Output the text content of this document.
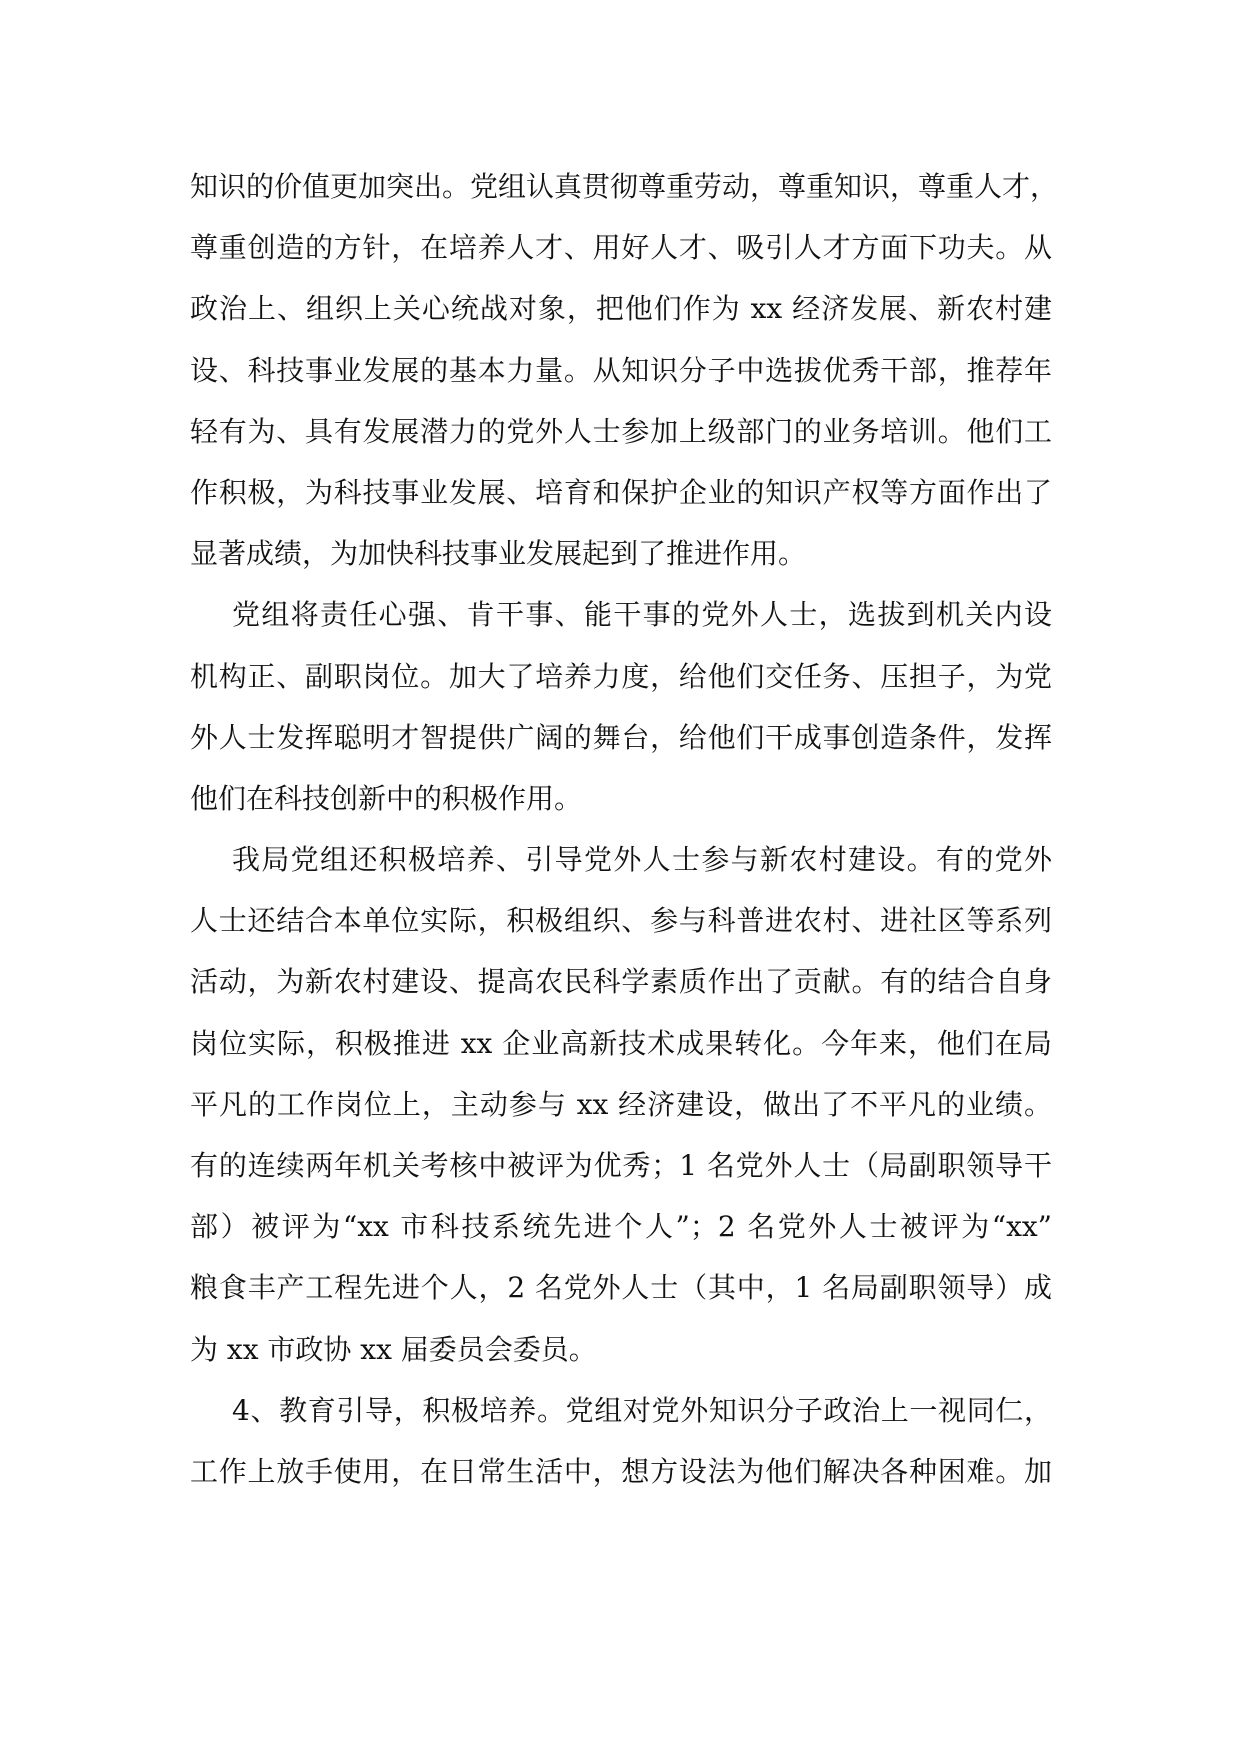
知识的价值更加突出。党组认真贯彻尊重劳动，尊重知识，尊重人才，
尊重创造的方针，在培养人才、用好人才、吸引人才方面下功夫。从
政治上、组织上关心统战对象，把他们作为 xx 经济发展、新农村建
设、科技事业发展的基本力量。从知识分子中选拔优秀干部，推荐年
轻有为、具有发展潜力的党外人士参加上级部门的业务培训。他们工
作积极，为科技事业发展、培育和保护企业的知识产权等方面作出了
显著成绩，为加快科技事业发展起到了推进作用。
党组将责任心强、肯干事、能干事的党外人士，选拔到机关内设
机构正、副职岗位。加大了培养力度，给他们交任务、压担子，为党
外人士发挥聪明才智提供广阔的舞台，给他们干成事创造条件，发挥
他们在科技创新中的积极作用。
我局党组还积极培养、引导党外人士参与新农村建设。有的党外
人士还结合本单位实际，积极组织、参与科普进农村、进社区等系列
活动，为新农村建设、提高农民科学素质作出了贡献。有的结合自身
岗位实际，积极推进 xx 企业高新技术成果转化。今年来，他们在局
平凡的工作岗位上，主动参与 xx 经济建设，做出了不平凡的业绩。
有的连续两年机关考核中被评为优秀；1 名党外人士（局副职领导干
部）被评为“xx 市科技系统先进个人”；2 名党外人士被评为“xx”
粮食丰产工程先进个人，2 名党外人士（其中，1 名局副职领导）成
为 xx 市政协 xx 届委员会委员。
4、教育引导，积极培养。党组对党外知识分子政治上一视同仁，
工作上放手使用，在日常生活中，想方设法为他们解决各种困难。加
